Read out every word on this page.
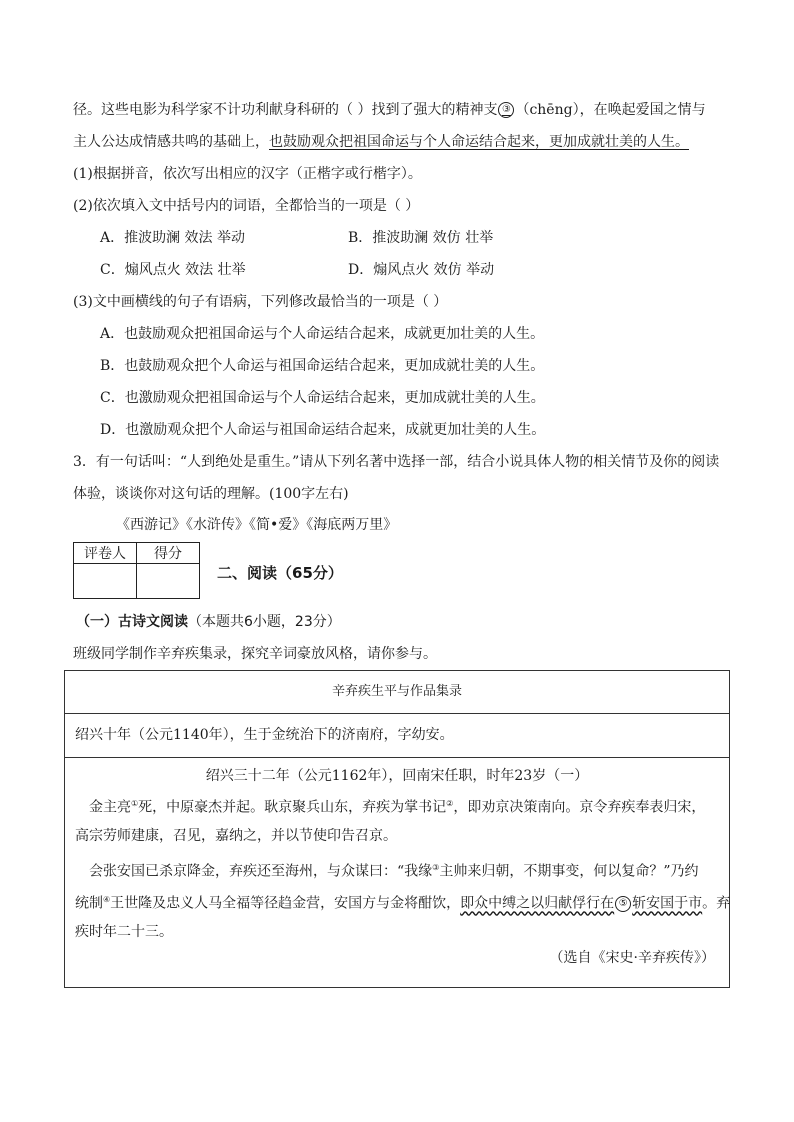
径。这些电影为科学家不计功利献身科研的（ ）找到了强大的精神支 ③ （chēng），在唤起爱国之情与
主人公达成情感共鸣的基础上，也鼓励观众把祖国命运与个人命运结合起来，更加成就壮美的人生。
(1)根据拼音，依次写出相应的汉字（正楷字或行楷字）。
(2)依次填入文中括号内的词语，全都恰当的一项是（ ）
A．推波助澜 效法 举动	B．推波助澜 效仿 壮举
C．煽风点火 效法 壮举	D．煽风点火 效仿 举动
(3)文中画横线的句子有语病，下列修改最恰当的一项是（ ）
A．也鼓励观众把祖国命运与个人命运结合起来，成就更加壮美的人生。
B．也鼓励观众把个人命运与祖国命运结合起来，更加成就壮美的人生。
C．也激励观众把祖国命运与个人命运结合起来，更加成就壮美的人生。
D．也激励观众把个人命运与祖国命运结合起来，成就更加壮美的人生。
3．有一句话叫：“人到绝处是重生。”请从下列名著中选择一部，结合小说具体人物的相关情节及你的阅读
体验，谈谈你对这句话的理解。(100字左右)
《西游记》《水浒传》《简•爱》《海底两万里》
评卷人	得分

二、阅读（65分）
（一）古诗文阅读（本题共6小题，23分）
班级同学制作辛弃疾集录，探究辛词豪放风格，请你参与。
辛弃疾生平与作品集录
绍兴十年（公元1140年），生于金统治下的济南府，字幼安。
绍兴三十二年（公元1162年），回南宋任职，时年23岁（一）
金主亮①死，中原豪杰并起。耿京聚兵山东，弃疾为掌书记②，即劝京决策南向。京令弃疾奉表归宋，
高宗劳师建康，召见，嘉纳之，并以节使印告召京。
会张安国已杀京降金，弃疾还至海州，与众谋曰：“我缘③主帅来归朝，不期事变，何以复命？”乃约
统制④王世隆及忠义人马全福等径趋金营，安国方与金将酣饮，即众中缚之以归献俘行在 ⑤ 斩安国于市。弃
疾时年二十三。
（选自《宋史·辛弃疾传》）
